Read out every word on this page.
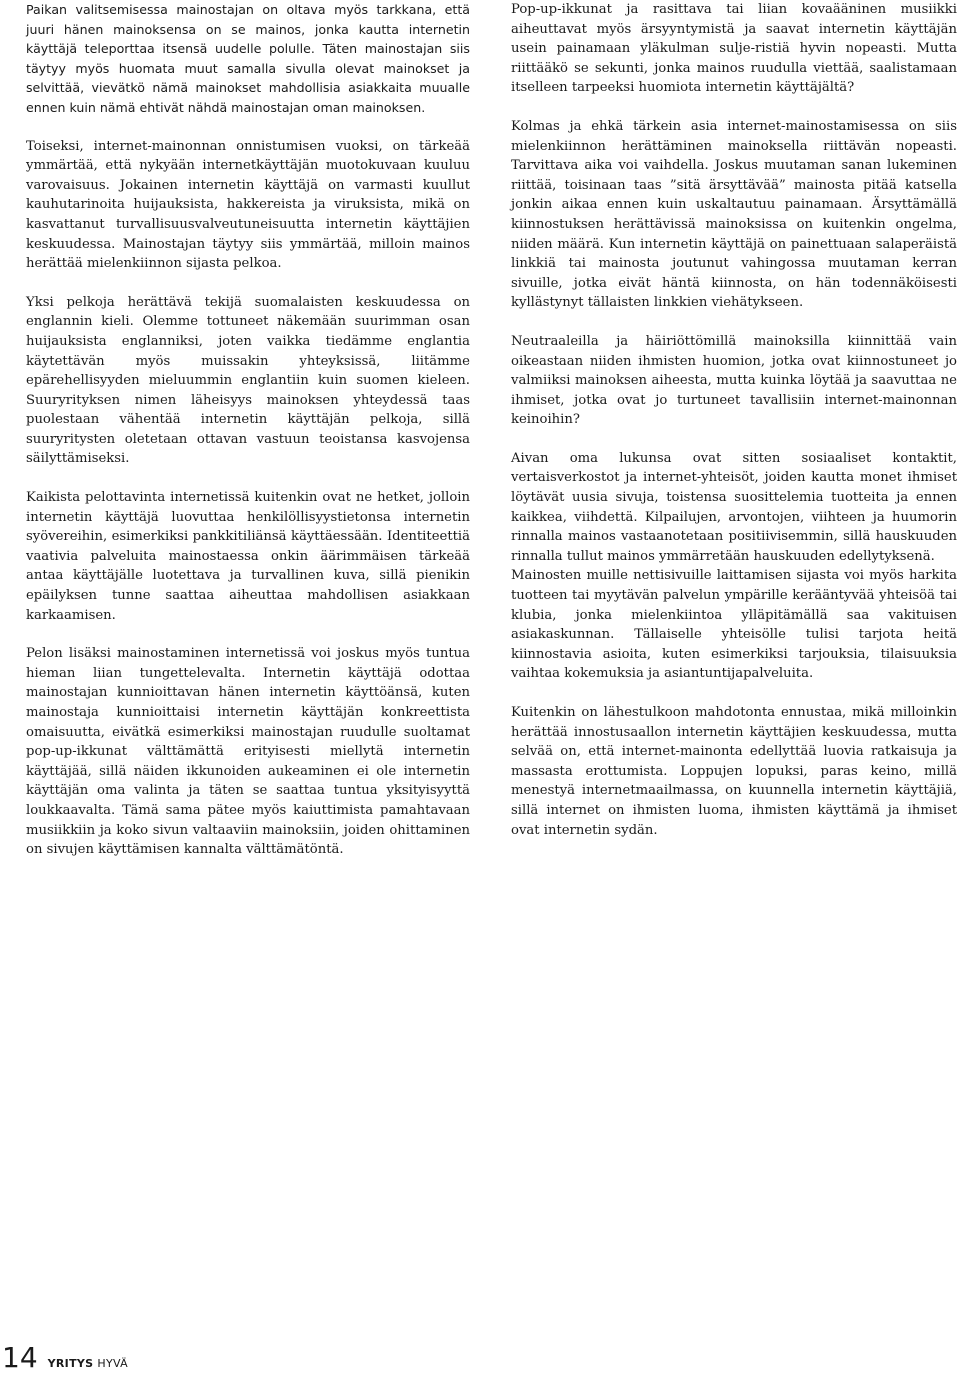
Paikan valitsemisessa mainostajan on oltava myös tarkkana, että juuri hänen mainoksensa on se mainos, jonka kautta internetin käyttäjä teleporttaa itsensä uudelle polulle. Täten mainostajan siis täytyy myös huomata muut samalla sivulla olevat mainokset ja selvittää, vievätkö nämä mainokset mahdollisia asiakkaita muualle ennen kuin nämä ehtivät nähdä mainostajan oman mainoksen.

Toiseksi, internet-mainonnan onnistumisen vuoksi, on tärkeää ymmärtää, että nykyään internetkäyttäjän muotokuvaan kuuluu varovaisuus. Jokainen internetin käyttäjä on varmasti kuullut kauhutarinoita huijauksista, hakkereista ja viruksista, mikä on kasvattanut turvallisuusvalveutuneisuutta internetin käyttäjien keskuudessa. Mainostajan täytyy siis ymmärtää, milloin mainos herättää mielenkiinnon sijasta pelkoa.

Yksi pelkoja herättävä tekijä suomalaisten keskuudessa on englannin kieli. Olemme tottuneet näkemään suurimman osan huijauksista englanniksi, joten vaikka tiedämme englantia käytettävän myös muissakin yhteyksissä, liitämme epärehellisyyden mieluummin englantiin kuin suomen kieleen. Suuryrityksen nimen läheisyys mainoksen yhteydessä taas puolestaan vähentää internetin käyttäjän pelkoja, sillä suuryritysten oletetaan ottavan vastuun teoistansa kasvojensa säilyttämiseksi.

Kaikista pelottavinta internetissä kuitenkin ovat ne hetket, jolloin internetin käyttäjä luovuttaa henkilöllisyystietonsa internetin syövereihin, esimerkiksi pankkitiliänsä käyttäessään. Identiteettiä vaativia palveluita mainostaessa onkin äärimmäisen tärkeää antaa käyttäjälle luotettava ja turvallinen kuva, sillä pienikin epäilyksen tunne saattaa aiheuttaa mahdollisen asiakkaan karkaamisen.

Pelon lisäksi mainostaminen internetissä voi joskus myös tuntua hieman liian tungettelevalta. Internetin käyttäjä odottaa mainostajan kunnioittavan hänen internetin käyttöänsä, kuten mainostaja kunnioittaisi internetin käyttäjän konkreettista omaisuutta, eivätkä esimerkiksi mainostajan ruudulle suoltamat pop-up-ikkunat välttämättä erityisesti miellytä internetin käyttäjää, sillä näiden ikkunoiden aukeaminen ei ole internetin käyttäjän oma valinta ja täten se saattaa tuntua yksityisyyttä loukkaavalta. Tämä sama pätee myös kaiuttimista pamahtavaan musiikkiin ja koko sivun valtaaviin mainoksiin, joiden ohittaminen on sivujen käyttämisen kannalta välttämätöntä.

Pop-up-ikkunat ja rasittava tai liian kovaääninen musiikki aiheuttavat myös ärsyyntymistä ja saavat internetin käyttäjän usein painamaan yläkulman sulje-ristiä hyvin nopeasti. Mutta riittääkö se sekunti, jonka mainos ruudulla viettää, saalistamaan itselleen tarpeeksi huomiota internetin käyttäjältä?

Kolmas ja ehkä tärkein asia internet-mainostamisessa on siis mielenkiinnon herättäminen mainoksella riittävän nopeasti. Tarvittava aika voi vaihdella. Joskus muutaman sanan lukeminen riittää, toisinaan taas ”sitä ärsyttävää” mainosta pitää katsella jonkin aikaa ennen kuin uskaltautuu painamaan. Ärsyttämällä kiinnostuksen herättävissä mainoksissa on kuitenkin ongelma, niiden määrä. Kun internetin käyttäjä on painettuaan salaperäistä linkkiä tai mainosta joutunut vahingossa muutaman kerran sivuille, jotka eivät häntä kiinnosta, on hän todennäköisesti kyllästynyt tällaisten linkkien viehätykseen.

Neutraaleilla ja häiriöttömillä mainoksilla kiinnittää vain oikeastaan niiden ihmisten huomion, jotka ovat kiinnostuneet jo valmiiksi mainoksen aiheesta, mutta kuinka löytää ja saavuttaa ne ihmiset, jotka ovat jo turtuneet tavallisiin internet-mainonnan keinoihin?

Aivan oma lukunsa ovat sitten sosiaaliset kontaktit, vertaisverkostot ja internet-yhteisöt, joiden kautta monet ihmiset löytävät uusia sivuja, toistensa suosittelemia tuotteita ja ennen kaikkea, viihdettä. Kilpailujen, arvontojen, viihteen ja huumorin rinnalla mainos vastaanotetaan positiivisemmin, sillä hauskuuden rinnalla tullut mainos ymmärretään hauskuuden edellytyksenä.

Mainosten muille nettisivuille laittamisen sijasta voi myös harkita tuotteen tai myytävän palvelun ympärille kerääntyvää yhteisöä tai klubia, jonka mielenkiintoa ylläpitämällä saa vakituisen asiakaskunnan. Tällaiselle yhteisölle tulisi tarjota heitä kiinnostavia asioita, kuten esimerkiksi tarjouksia, tilaisuuksia vaihtaa kokemuksia ja asiantuntijapalveluita.

Kuitenkin on lähestulkoon mahdotonta ennustaa, mikä milloinkin herättää innostusaallon internetin käyttäjien keskuudessa, mutta selvää on, että internet-mainonta edellyttää luovia ratkaisuja ja massasta erottumista. Loppujen lopuksi, paras keino, millä menestyä internetmaailmassa, on kuunnella internetin käyttäjiä, sillä internet on ihmisten luoma, ihmisten käyttämä ja ihmiset ovat internetin sydän.

14 YRITYS HYVÄ
